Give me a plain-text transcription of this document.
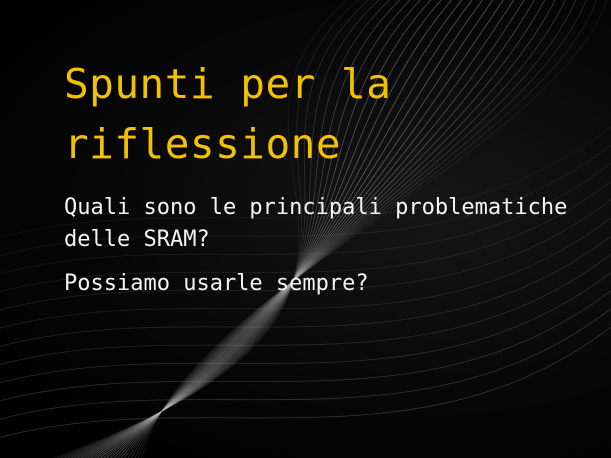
Spunti per la riflessione

Quali sono le principali problematiche delle SRAM?

Possiamo usarle sempre?
